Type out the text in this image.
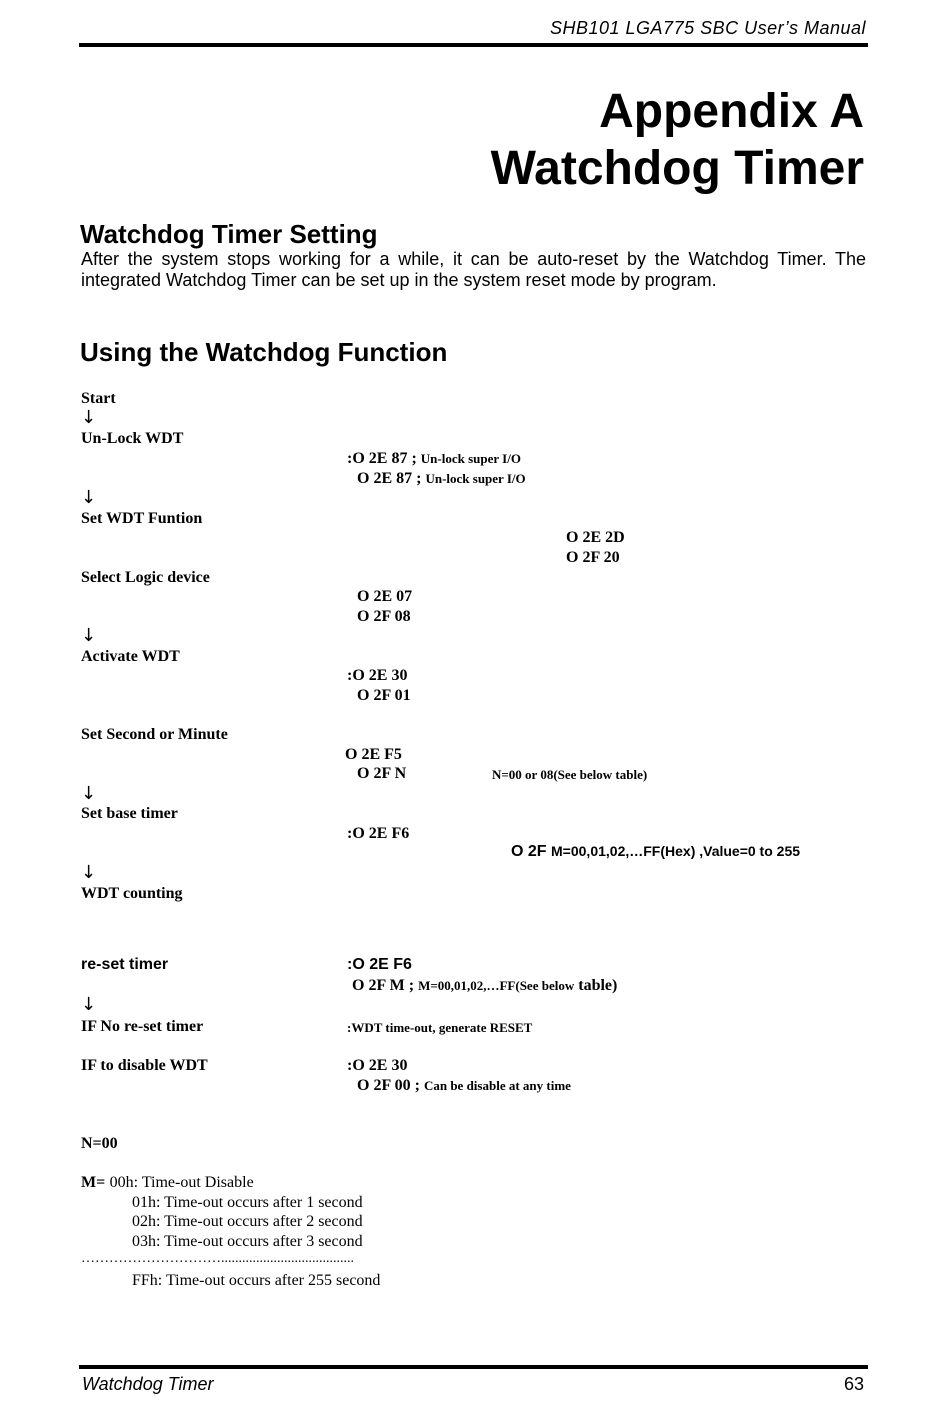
SHB101 LGA775 SBC User’s Manual
Appendix A
Watchdog Timer
Watchdog Timer Setting
After the system stops working for a while, it can be auto-reset by the Watchdog Timer. The integrated Watchdog Timer can be set up in the system reset mode by program.
Using the Watchdog Function
Start
↓
Un-Lock WDT
:O 2E 87 ; Un-lock super I/O
O 2E 87 ; Un-lock super I/O
↓
Set WDT Funtion
O 2E 2D
O 2F 20
Select Logic device
O 2E 07
O 2F 08
↓
Activate WDT
:O 2E 30
O 2F 01
Set Second or Minute
O 2E F5
O 2F N	N=00 or 08(See below table)
↓
Set base timer
:O 2E F6
O 2F M=00,01,02,…FF(Hex) ,Value=0 to 255
↓
WDT counting
re-set timer	:O 2E F6
O 2F M ; M=00,01,02,…FF(See below table)
↓
IF No re-set timer	:WDT time-out, generate RESET
IF to disable WDT	:O 2E 30
O 2F 00 ; Can be disable at any time
N=00
M= 00h: Time-out Disable
01h: Time-out occurs after 1 second
02h: Time-out occurs after 2 second
03h: Time-out occurs after 3 second
…………………………......................................
FFh: Time-out occurs after 255 second
Watchdog Timer	63
